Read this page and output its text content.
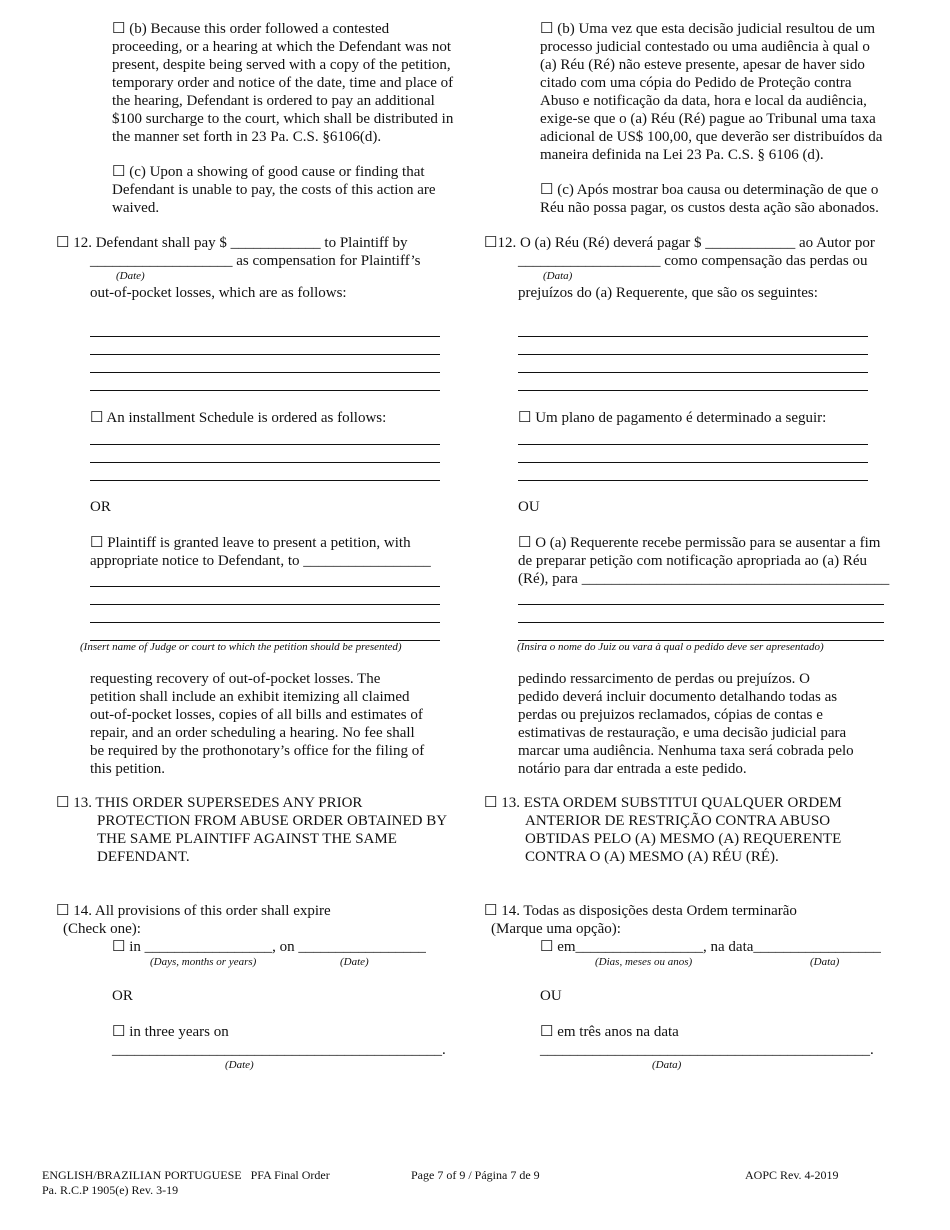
☐ (b) Because this order followed a contested
proceeding, or a hearing at which the Defendant was not
present, despite being served with a copy of the petition,
temporary order and notice of the date, time and place of
the hearing, Defendant is ordered to pay an additional
$100 surcharge to the court, which shall be distributed in
the manner set forth in 23 Pa. C.S. §6106(d).
☐ (c) Upon a showing of good cause or finding that
Defendant is unable to pay, the costs of this action are
waived.
☐ 12. Defendant shall pay $ ____________ to Plaintiff by
___________________ as compensation for Plaintiff’s
(Date)
out-of-pocket losses, which are as follows:
☐ An installment Schedule is ordered as follows:
OR
☐ Plaintiff is granted leave to present a petition, with
appropriate notice to Defendant, to _________________
(Insert name of Judge or court to which the petition should be presented)
requesting recovery of out-of-pocket losses. The
petition shall include an exhibit itemizing all claimed
out-of-pocket losses, copies of all bills and estimates of
repair, and an order scheduling a hearing. No fee shall
be required by the prothonotary’s office for the filing of
this petition.
☐ 13. THIS ORDER SUPERSEDES ANY PRIOR
PROTECTION FROM ABUSE ORDER OBTAINED BY
THE SAME PLAINTIFF AGAINST THE SAME
DEFENDANT.
☐ 14. All provisions of this order shall expire
(Check one):
☐ in _________________, on _________________
(Days, months or years)	(Date)
OR
☐ in three years on
____________________________________________.
(Date)
☐ (b) Uma vez que esta decisão judicial resultou de um
processo judicial contestado ou uma audiência à qual o
(a) Réu (Ré) não esteve presente, apesar de haver sido
citado com uma cópia do Pedido de Proteção contra
Abuso e notificação da data, hora e local da audiência,
exige-se que o (a) Réu (Ré) pague ao Tribunal uma taxa
adicional de US$ 100,00, que deverão ser distribuídos da
maneira definida na Lei 23 Pa. C.S. § 6106 (d).
☐ (c) Após mostrar boa causa ou determinação de que o
Réu não possa pagar, os custos desta ação são abonados.
☐12. O (a) Réu (Ré) deverá pagar $ ____________ ao Autor por
___________________ como compensação das perdas ou
(Data)
prejuízos do (a) Requerente, que são os seguintes:
☐ Um plano de pagamento é determinado a seguir:
OU
☐ O (a) Requerente recebe permissão para se ausentar a fim
de preparar petição com notificação apropriada ao (a) Réu
(Ré), para _________________________________________
(Insira o nome do Juiz ou vara à qual o pedido deve ser apresentado)
pedindo ressarcimento de perdas ou prejuízos. O
pedido deverá incluir documento detalhando todas as
perdas ou prejuizos reclamados, cópias de contas e
estimativas de restauração, e uma decisão judicial para
marcar uma audiência. Nenhuma taxa será cobrada pelo
notário para dar entrada a este pedido.
☐ 13. ESTA ORDEM SUBSTITUI QUALQUER ORDEM
ANTERIOR DE RESTRIÇÃO CONTRA ABUSO
OBTIDAS PELO (A) MESMO (A) REQUERENTE
CONTRA O (A) MESMO (A) RÉU (RÉ).
☐ 14. Todas as disposições desta Ordem terminarão
(Marque uma opção):
☐ em_________________, na data_________________
(Dias, meses ou anos)	(Data)
OU
☐ em três anos na data
____________________________________________.
(Data)
ENGLISH/BRAZILIAN PORTUGUESE   PFA Final Order
Pa. R.C.P 1905(e) Rev. 3-19
Page 7 of 9 / Página 7 de 9	AOPC Rev. 4-2019
